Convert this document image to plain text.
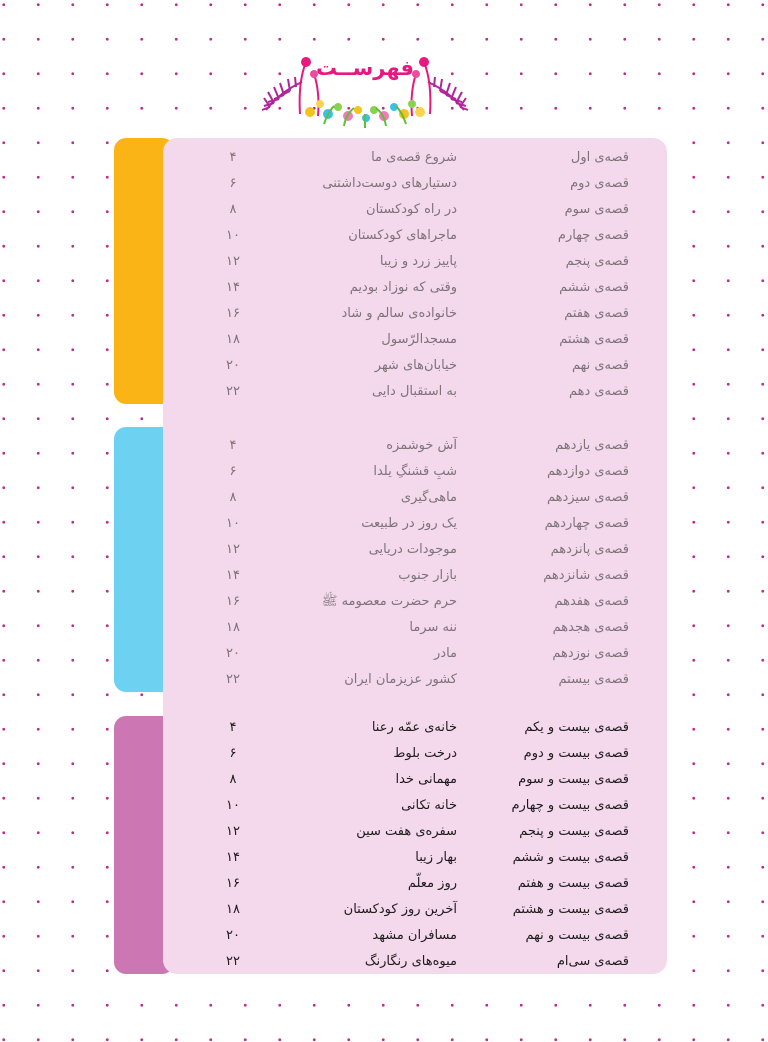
فهرســت
قصه‌ی اول
شروع قصه‌ی ما
۴
قصه‌ی دوم
دستیارهای دوست‌داشتنی
۶
قصه‌ی سوم
در راه کودکستان
۸
قصه‌ی چهارم
ماجراهای کودکستان
۱۰
قصه‌ی پنجم
پاییز زرد و زیبا
۱۲
قصه‌ی ششم
وقتی که نوزاد بودیم
۱۴
قصه‌ی هفتم
خانواده‌ی سالم و شاد
۱۶
قصه‌ی هشتم
مسجدالرّسول
۱۸
قصه‌ی نهم
خیابان‌های شهر
۲۰
قصه‌ی دهم
به استقبال دایی
۲۲
قصه‌ی یازدهم
آش خوشمزه
۴
قصه‌ی دوازدهم
شبِ قشنگِ یلدا
۶
قصه‌ی سیزدهم
ماهی‌گیری
۸
قصه‌ی چهاردهم
یک روز در طبیعت
۱۰
قصه‌ی پانزدهم
موجودات دریایی
۱۲
قصه‌ی شانزدهم
بازار جنوب
۱۴
قصه‌ی هفدهم
حرم حضرت معصومه ﷺ
۱۶
قصه‌ی هجدهم
ننه سرما
۱۸
قصه‌ی نوزدهم
مادر
۲۰
قصه‌ی بیستم
کشور عزیزمان ایران
۲۲
قصه‌ی بیست و یکم
خانه‌ی عمّه رعنا
۴
قصه‌ی بیست و دوم
درخت بلوط
۶
قصه‌ی بیست و سوم
مهمانی خدا
۸
قصه‌ی بیست و چهارم
خانه تکانی
۱۰
قصه‌ی بیست و پنجم
سفره‌ی هفت سین
۱۲
قصه‌ی بیست و ششم
بهار زیبا
۱۴
قصه‌ی بیست و هفتم
روز معلّم
۱۶
قصه‌ی بیست و هشتم
آخرین روز کودکستان
۱۸
قصه‌ی بیست و نهم
مسافران مشهد
۲۰
قصه‌ی سی‌ام
میوه‌های رنگارنگ
۲۲
